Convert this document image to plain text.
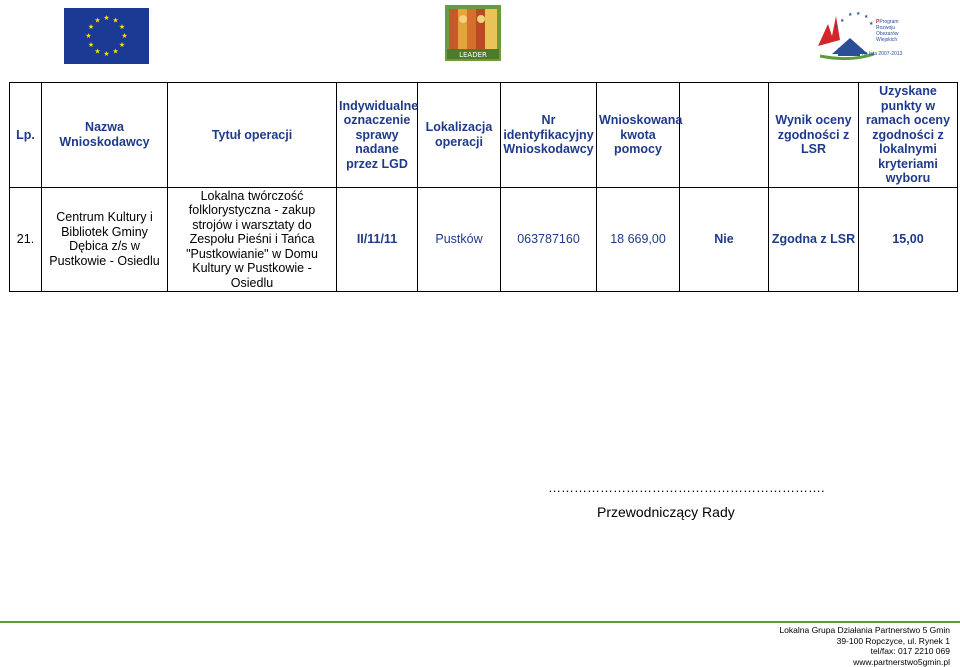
★ ★
★
★
★
★
★
★
★
★
★
★
LEADER
★
★ ★ ★
★
★
PProgram
Rozwoju
Obszarów
Wiejskich
na lata 2007-2013
Lp.	Nazwa Wnioskodawcy	Tytuł operacji	Indywidualne oznaczenie sprawy nadane przez LGD	Lokalizacja operacji	Nr identyfikacyjny Wnioskodawcy	Wnioskowana kwota pomocy		Wynik oceny zgodności z LSR	Uzyskane punkty w ramach oceny zgodności z lokalnymi kryteriami wyboru
21.	Centrum Kultury i Bibliotek Gminy Dębica z/s w Pustkowie - Osiedlu	Lokalna twórczość folklorystyczna - zakup strojów i warsztaty do Zespołu Pieśni i Tańca "Pustkowianie" w Domu Kultury w Pustkowie - Osiedlu	II/11/11	Pustków	063787160	18 669,00	Nie	Zgodna z LSR	15,00
……………………………………………………….
Przewodniczący Rady
Lokalna Grupa Działania Partnerstwo 5 Gmin
39-100 Ropczyce, ul. Rynek 1
tel/fax: 017 2210 069
www.partnerstwo5gmin.pl
